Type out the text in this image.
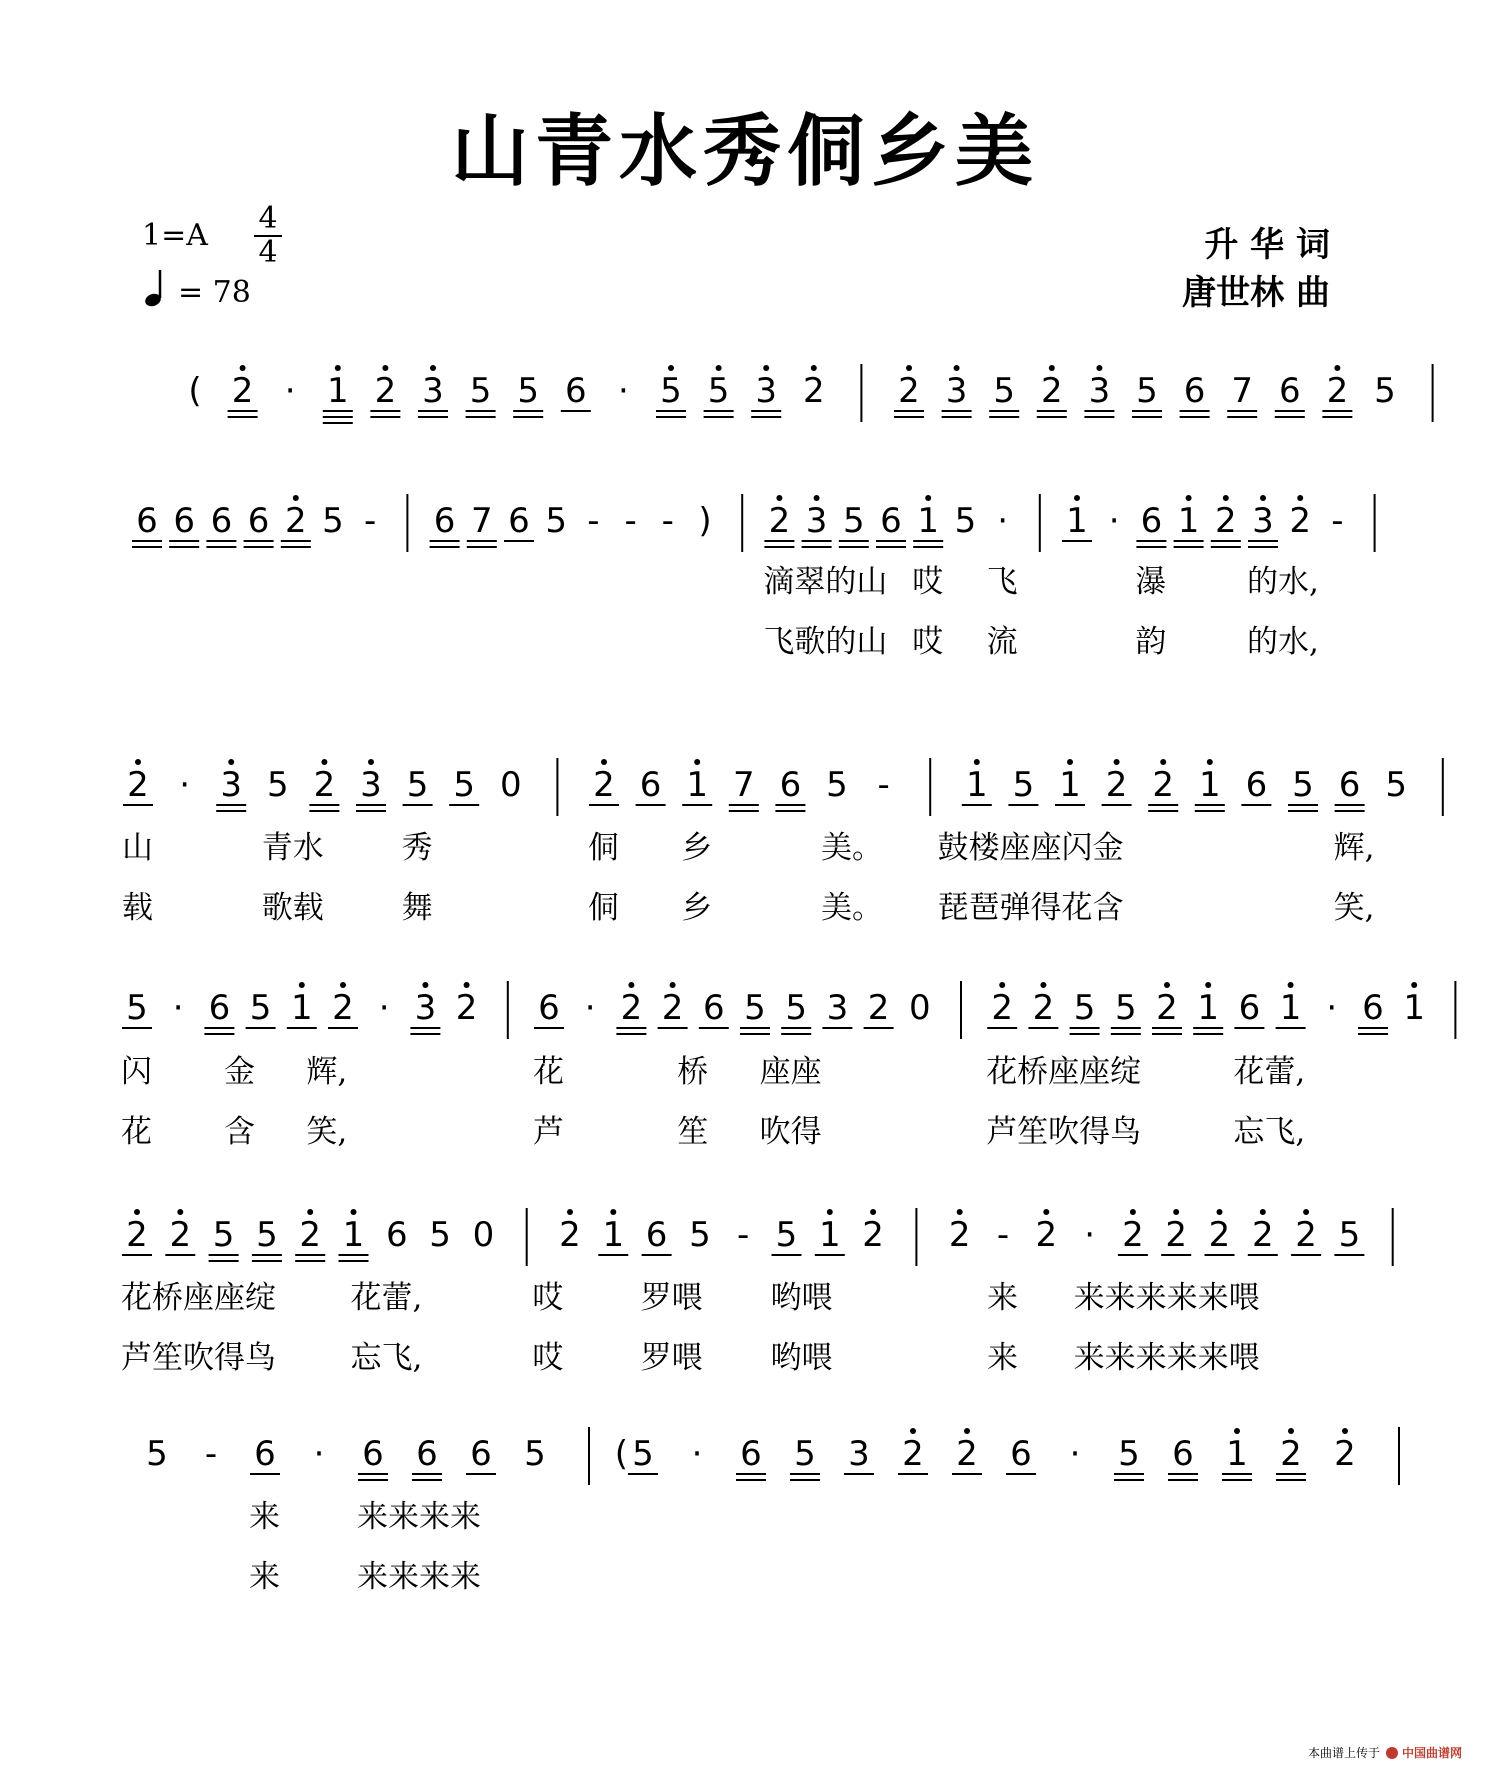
山青水秀侗乡美
1=A 4
4
= 78
升 华 词
唐世林 曲
( 2 · 1 2 3 5 5 6 · 5 5 3 2 2 3 5 2 3 5 6 7 6 2 5
6 6 6 6 2 5 - 6 7 6 5 - - - ) 2 3 5 6 1 5 · 1 · 6 1 2 3 2 -
滴翠的山 哎 飞	瀑	的水,
飞歌的山 哎 流	韵	的水,
2 · 3 5 2 3 5 5 0 2 6 1 7 6 5 - 1 5 1 2 2 1 6 5 6 5
山	青水	秀	侗 乡	美。 鼓楼座座闪金	辉,
载	歌载	舞	侗 乡	美。 琵琶弹得花含	笑,
5 · 6 5 1 2 · 3 2 6 · 2 2 6 5 5 3 2 0 2 2 5 5 2 1 6 1 · 6 1
闪 金 辉,	花	桥 座座	花桥座座绽	花蕾,
花 含 笑,	芦	笙 吹得	芦笙吹得鸟	忘飞,
2 2 5 5 2 1 6 5 0 2 1 6 5 - 5 1 2 2 - 2 · 2 2 2 2 2 5
花桥座座绽 花蕾,	哎 罗喂 哟喂	来 来来来来来喂
芦笙吹得鸟 忘飞,	哎 罗喂 哟喂	来 来来来来来喂
5 - 6 · 6 6 6 5 ( 5 · 6 5 3 2 2 6 · 5 6 1 2 2
来 来来来来
来 来来来来
本曲谱上传于 中国曲谱网
